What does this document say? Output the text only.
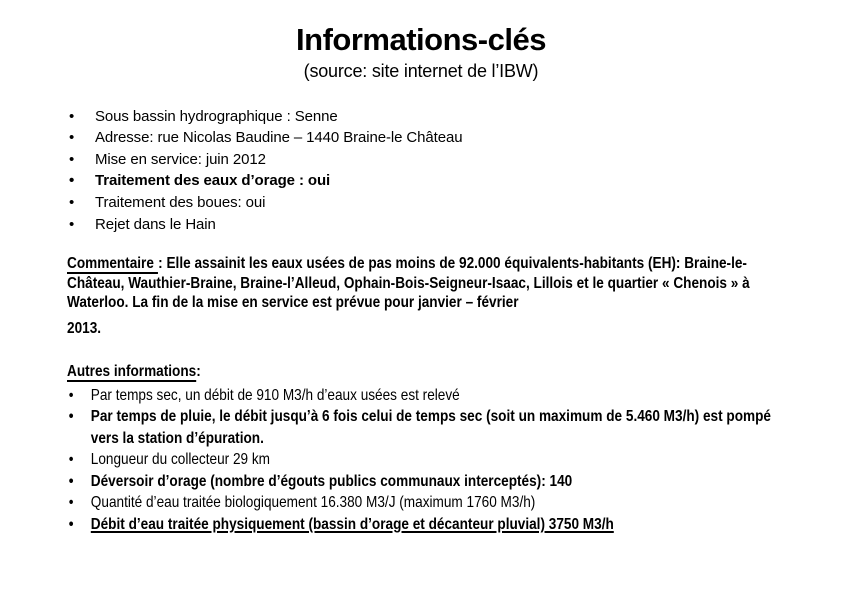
Informations-clés
(source: site internet de l’IBW)
• Sous bassin hydrographique : Senne
• Adresse: rue Nicolas Baudine – 1440 Braine-le Château
• Mise en service: juin 2012
• Traitement des eaux d’orage : oui
• Traitement des boues: oui
• Rejet dans le Hain

Commentaire : Elle assainit les eaux usées de pas moins de 92.000 équivalents-habitants (EH): Braine-le-Château, Wauthier-Braine, Braine-l’Alleud, Ophain-Bois-Seigneur-Isaac, Lillois et le quartier « Chenois » à Waterloo. La fin de la mise en service est prévue pour janvier – février

2013.

Autres informations:
• Par temps sec, un débit de 910 M3/h d’eaux usées est relevé
• Par temps de pluie, le débit jusqu’à 6 fois celui de temps sec (soit un maximum de 5.460 M3/h) est pompé vers la station d’épuration.
• Longueur du collecteur 29 km
• Déversoir d’orage (nombre d’égouts publics communaux interceptés): 140
• Quantité d’eau traitée biologiquement 16.380 M3/J (maximum 1760 M3/h)
• Débit d’eau traitée physiquement (bassin d’orage et décanteur pluvial) 3750 M3/h
